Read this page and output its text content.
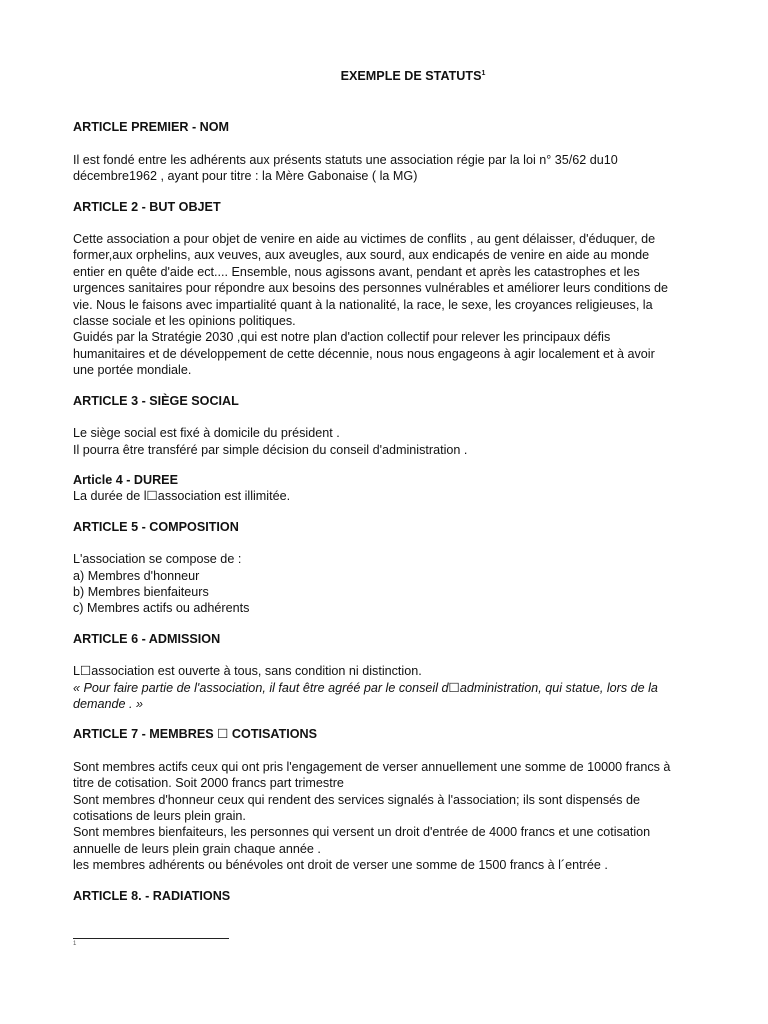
EXEMPLE DE STATUTS$^1$

ARTICLE PREMIER - NOM

Il est fondé entre les adhérents aux présents statuts une association régie par la loi n° 35/62 du10

décembre1962 , ayant pour titre : la Mère Gabonaise ( la MG)

ARTICLE 2 - BUT OBJET

Cette association a pour objet de venire en aide au victimes de conflits , au gent délaisser, d'éduquer, de

former,aux orphelins, aux veuves, aux aveugles, aux sourd, aux endicapés de venire en aide au monde

entier en quête d'aide ect.... Ensemble, nous agissons avant, pendant et après les catastrophes et les

urgences sanitaires pour répondre aux besoins des personnes vulnérables et améliorer leurs conditions de

vie. Nous le faisons avec impartialité quant à la nationalité, la race, le sexe, les croyances religieuses, la

classe sociale et les opinions politiques.

Guidés par la Stratégie 2030 ,qui est notre plan d'action collectif pour relever les principaux défis

humanitaires et de développement de cette décennie, nous nous engageons à agir localement et à avoir

une portée mondiale.

ARTICLE 3 - SIÈGE SOCIAL

Le siège social est fixé à domicile du président .

Il pourra être transféré par simple décision du conseil d'administration .

Article 4 - DUREE

La durée de l☐association est illimitée.

ARTICLE 5 - COMPOSITION

L'association se compose de :

a) Membres d'honneur

b) Membres bienfaiteurs

c) Membres actifs ou adhérents

ARTICLE 6 - ADMISSION

L☐association est ouverte à tous, sans condition ni distinction.

« Pour faire partie de l'association, il faut être agréé par le conseil d☐administration, qui statue, lors de la

demande . »

ARTICLE 7 - MEMBRES ☐ COTISATIONS

Sont membres actifs ceux qui ont pris l'engagement de verser annuellement une somme de 10000 francs à

titre de cotisation. Soit 2000 francs part trimestre

Sont membres d'honneur ceux qui rendent des services signalés à l'association; ils sont dispensés de

cotisations de leurs plein grain.

Sont membres bienfaiteurs, les personnes qui versent un droit d'entrée de 4000 francs et une cotisation

annuelle de leurs plein grain chaque année .

les membres adhérents ou bénévoles ont droit de verser une somme de 1500 francs à l´entrée .

ARTICLE 8. - RADIATIONS

1
